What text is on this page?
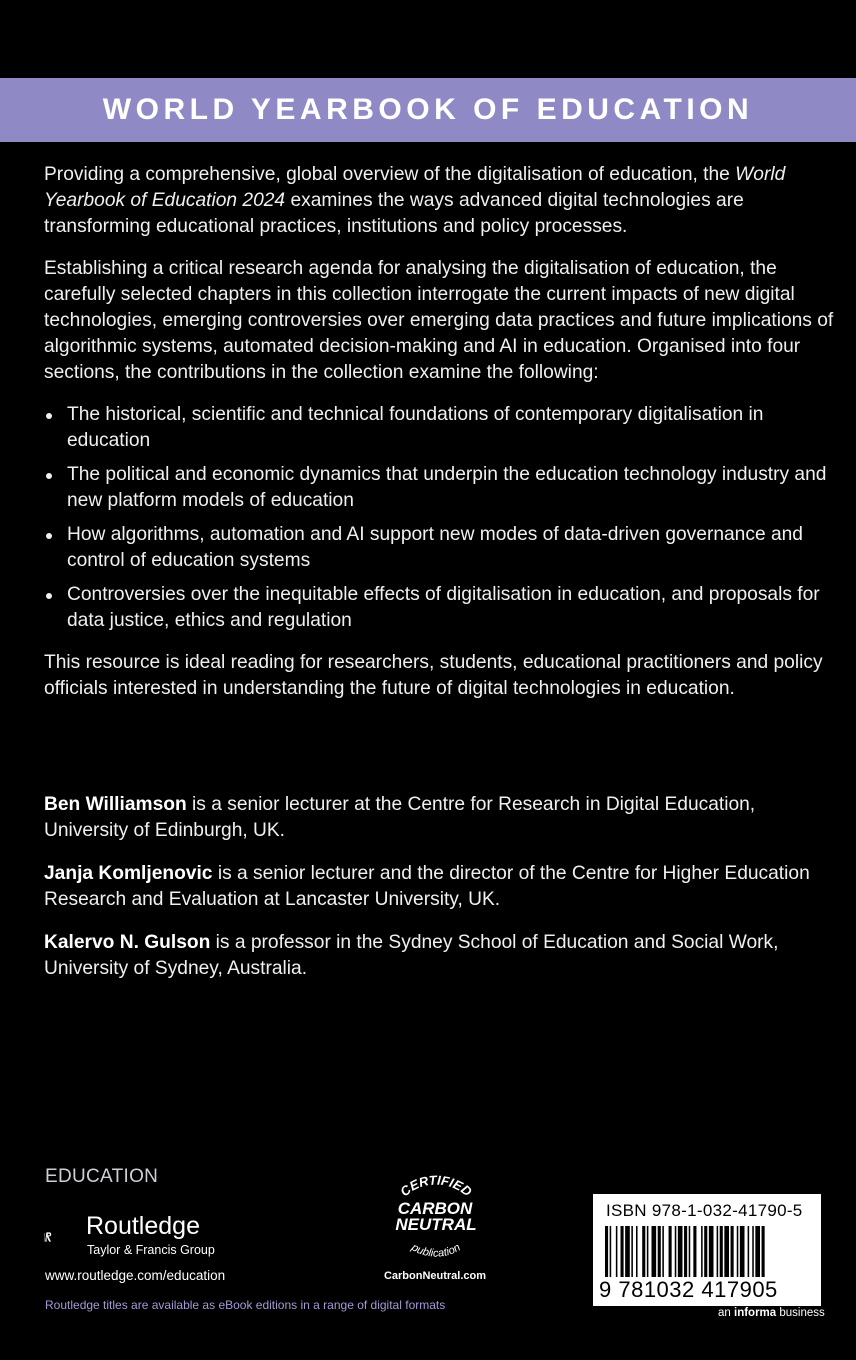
WORLD YEARBOOK OF EDUCATION

Providing a comprehensive, global overview of the digitalisation of education, the World Yearbook of Education 2024 examines the ways advanced digital technologies are transforming educational practices, institutions and policy processes.

Establishing a critical research agenda for analysing the digitalisation of education, the carefully selected chapters in this collection interrogate the current impacts of new digital technologies, emerging controversies over emerging data practices and future implications of algorithmic systems, automated decision-making and AI in education. Organised into four sections, the contributions in the collection examine the following:

The historical, scientific and technical foundations of contemporary digitalisation in education
The political and economic dynamics that underpin the education technology industry and new platform models of education
How algorithms, automation and AI support new modes of data-driven governance and control of education systems
Controversies over the inequitable effects of digitalisation in education, and proposals for data justice, ethics and regulation

This resource is ideal reading for researchers, students, educational practitioners and policy officials interested in understanding the future of digital technologies in education.

Ben Williamson is a senior lecturer at the Centre for Research in Digital Education, University of Edinburgh, UK.

Janja Komljenovic is a senior lecturer and the director of the Centre for Higher Education Research and Evaluation at Lancaster University, UK.

Kalervo N. Gulson is a professor in the Sydney School of Education and Social Work, University of Sydney, Australia.

EDUCATION
ROUTLEDGE Routledge
Taylor & Francis Group
www.routledge.com/education
Routledge titles are available as eBook editions in a range of digital formats
CERTIFIED
CARBON
NEUTRAL
publication
CarbonNeutral.com
ISBN 978-1-032-41790-5
9 781032 417905
an informa business
